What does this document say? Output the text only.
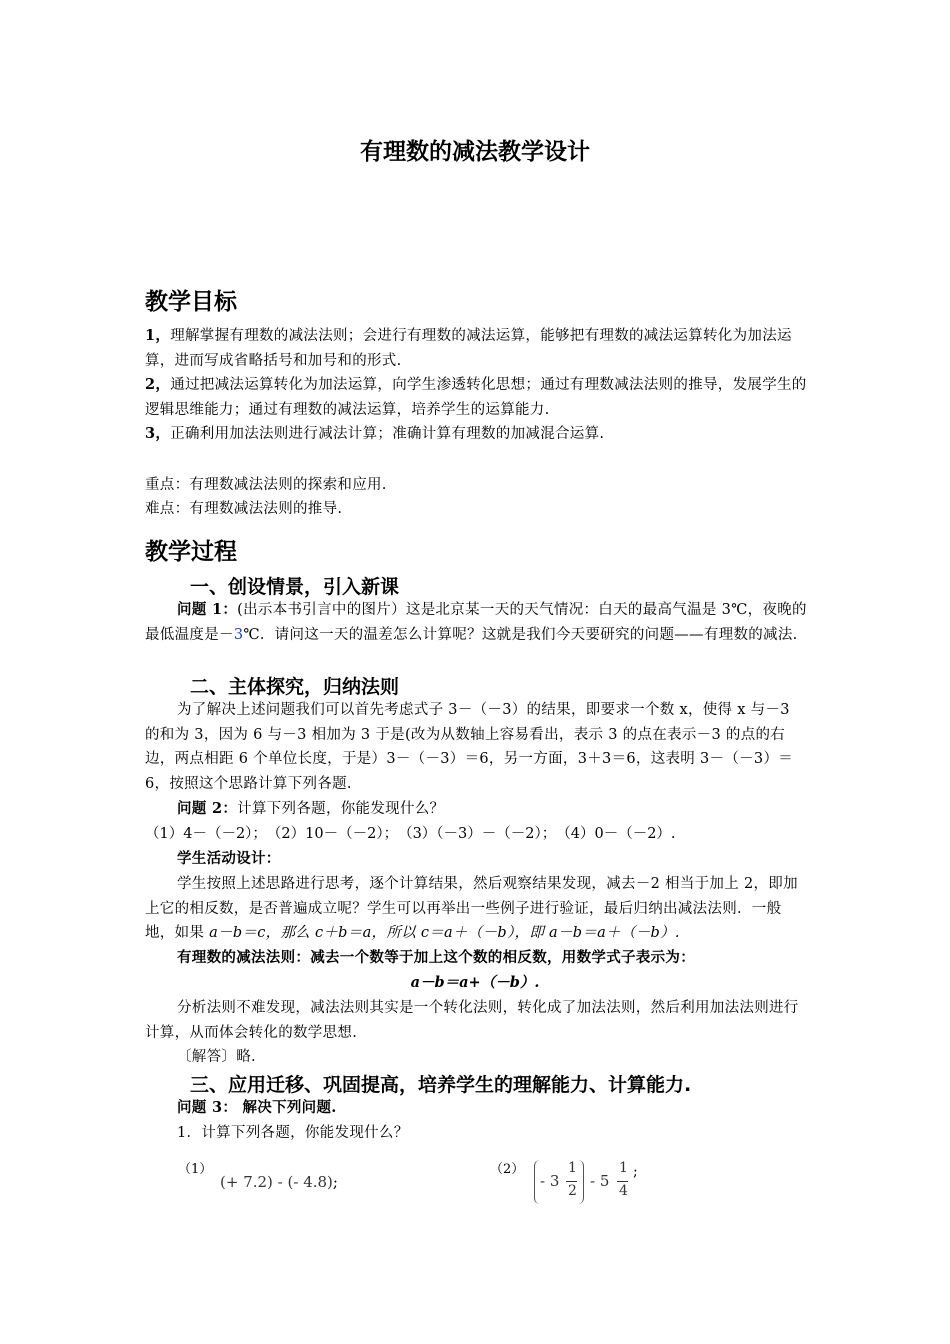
有理数的减法教学设计
教学目标
1，理解掌握有理数的减法法则；会进行有理数的减法运算，能够把有理数的减法运算转化为加法运算，进而写成省略括号和加号和的形式.
2，通过把减法运算转化为加法运算，向学生渗透转化思想；通过有理数减法法则的推导，发展学生的逻辑思维能力；通过有理数的减法运算，培养学生的运算能力.
3，正确利用加法法则进行减法计算；准确计算有理数的加减混合运算.
重点：有理数减法法则的探索和应用.
难点：有理数减法法则的推导.
教学过程
一、创设情景，引入新课
问题 1：(出示本书引言中的图片）这是北京某一天的天气情况：白天的最高气温是 3℃，夜晚的最低温度是－3℃．请问这一天的温差怎么计算呢？这就是我们今天要研究的问题——有理数的减法.
二、主体探究，归纳法则
为了解决上述问题我们可以首先考虑式子 3－（－3）的结果，即要求一个数 x，使得 x 与－3 的和为 3，因为 6 与－3 相加为 3 于是(改为从数轴上容易看出，表示 3 的点在表示－3 的点的右边，两点相距 6 个单位长度，于是）3－（－3）＝6，另一方面，3＋3＝6，这表明 3－（－3）＝6，按照这个思路计算下列各题.
问题 2：计算下列各题，你能发现什么？
（1）4－（－2）；　（2）10－（－2）；　（3）（－3）－（－2）；　（4）0－（－2）.
学生活动设计：
学生按照上述思路进行思考，逐个计算结果，然后观察结果发现，减去－2 相当于加上 2，即加上它的相反数，是否普遍成立呢？学生可以再举出一些例子进行验证，最后归纳出减法法则．一般地，如果 a－b＝c，那么 c＋b＝a，所以 c＝a＋（－b），即 a－b＝a＋（－b）.
有理数的减法法则：减去一个数等于加上这个数的相反数，用数学式子表示为：
a－b＝a+（－b）.
分析法则不难发现，减法法则其实是一个转化法则，转化成了加法法则，然后利用加法法则进行计算，从而体会转化的数学思想.
〔解答〕略.
三、应用迁移、巩固提高，培养学生的理解能力、计算能力.
问题 3： 解决下列问题.
1．计算下列各题，你能发现什么？
（1）
(+ 7.2) - (- 4.8);
（2）
- 3
1
2
- 5
1
4
;
